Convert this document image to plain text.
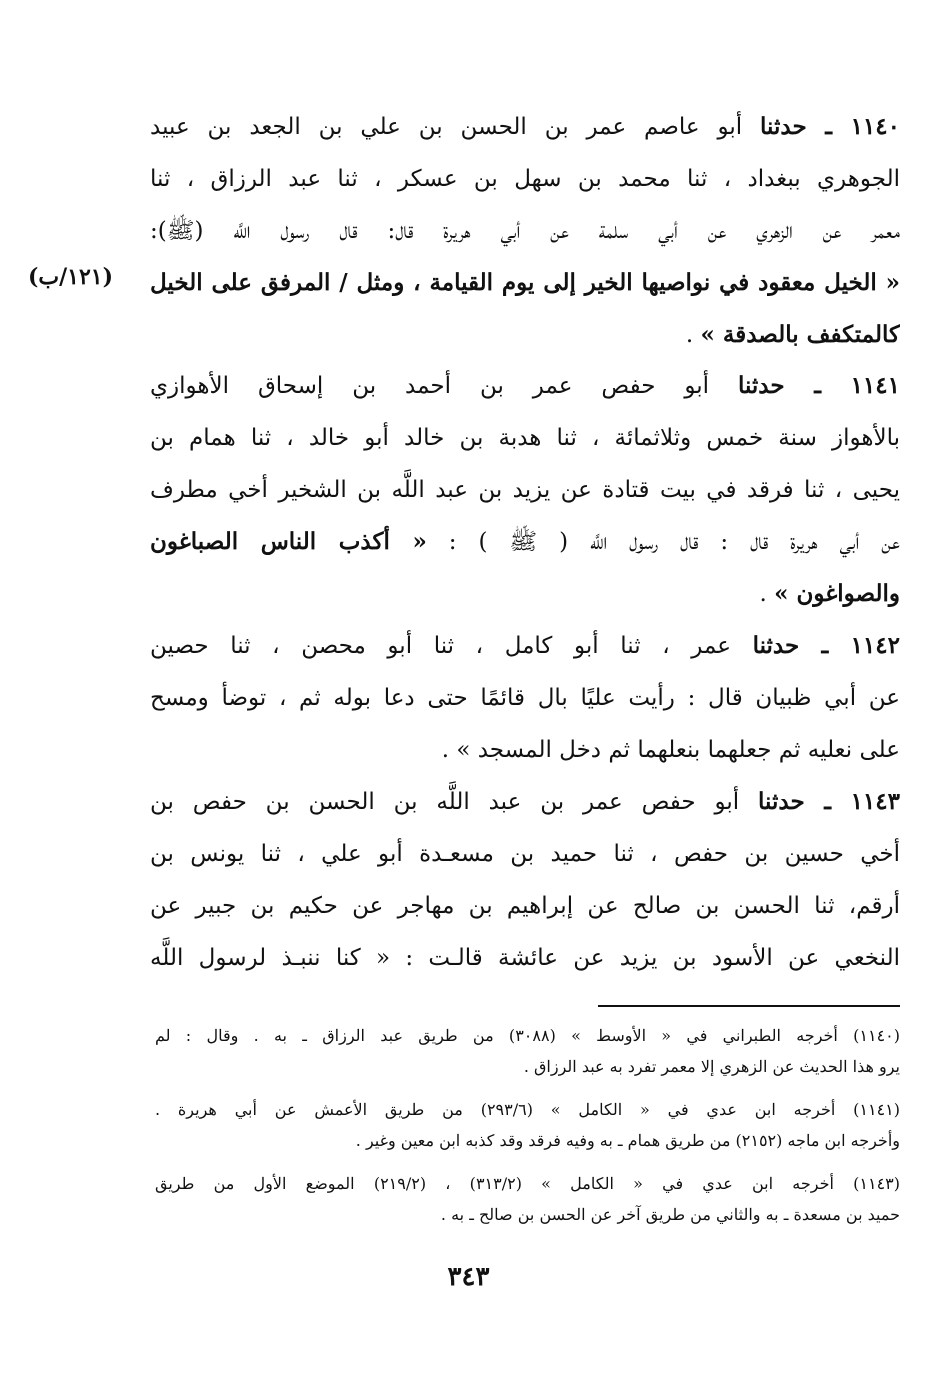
١١٤٠ ـ حدثنا أبو عاصم عمر بن الحسن بن علي بن الجعد بن عبيد
الجوهري ببغداد ، ثنا محمد بن سهل بن عسكر ، ثنا عبد الرزاق ، ثنا
معمر عن الزهري عن أبي سلمة عن أبي هريرة قال: قال رسول اللَّه (ﷺ):
« الخيل معقود في نواصيها الخير إلى يوم القيامة ، ومثل / المرفق على الخيل
كالمتكفف بالصدقة » .
(١٢١/ب)
١١٤١ ـ حدثنا أبو حفص عمر بن أحمد بن إسحاق الأهوازي
بالأهواز سنة خمس وثلاثمائة ، ثنا هدبة بن خالد أبو خالد ، ثنا همام بن
يحيى ، ثنا فرقد في بيت قتادة عن يزيد بن عبد اللَّه بن الشخير أخي مطرف
عن أبي هريرة قال : قال رسول اللَّه ( ﷺ ) : « أكذب الناس الصباغون
والصواغون » .
١١٤٢ ـ حدثنا عمر ، ثنا أبو كامل ، ثنا أبو محصن ، ثنا حصين
عن أبي ظبيان قال : رأيت عليًا بال قائمًا حتى دعا بوله ثم ، توضأ ومسح
على نعليه ثم جعلهما بنعلهما ثم دخل المسجد » .
١١٤٣ ـ حدثنا أبو حفص عمر بن عبد اللَّه بن الحسن بن حفص بن
أخي حسين بن حفص ، ثنا حميد بن مسعـدة أبو علي ، ثنا يونس بن
أرقم، ثنا الحسن بن صالح عن إبراهيم بن مهاجر عن حكيم بن جبير عن
النخعي عن الأسود بن يزيد عن عائشة قالـت : « كنا ننبـذ لرسول اللَّه
(١١٤٠) أخرجه الطبراني في « الأوسط » (٣٠٨٨) من طريق عبد الرزاق ـ به . وقال : لم
يرو هذا الحديث عن الزهري إلا معمر تفرد به عبد الرزاق .
(١١٤١) أخرجه ابن عدي في « الكامل » (٢٩٣/٦) من طريق الأعمش عن أبي هريرة .
وأخرجه ابن ماجه (٢١٥٢) من طريق همام ـ به وفيه فرقد وقد كذبه ابن معين وغير .
(١١٤٣) أخرجه ابن عدي في « الكامل » (٣١٣/٢) ، (٢١٩/٢) الموضع الأول من طريق
حميد بن مسعدة ـ به والثاني من طريق آخر عن الحسن بن صالح ـ به .
٣٤٣
